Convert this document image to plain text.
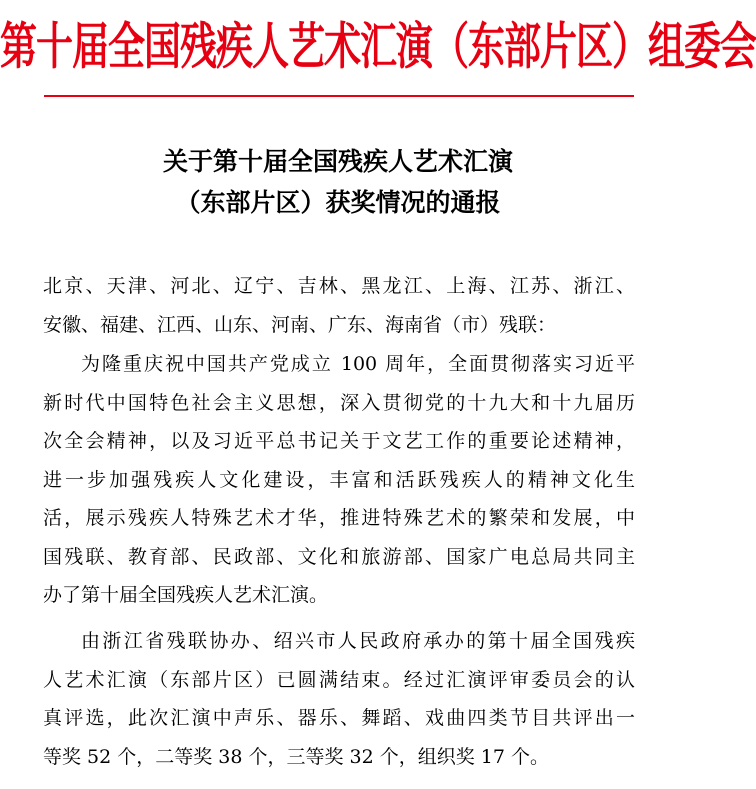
第十届全国残疾人艺术汇演（东部片区）组委会
关于第十届全国残疾人艺术汇演
（东部片区）获奖情况的通报
北京、天津、河北、辽宁、吉林、黑龙江、上海、江苏、浙江、
安徽、福建、江西、山东、河南、广东、海南省（市）残联：
为隆重庆祝中国共产党成立 100 周年，全面贯彻落实习近平
新时代中国特色社会主义思想，深入贯彻党的十九大和十九届历
次全会精神，以及习近平总书记关于文艺工作的重要论述精神，
进一步加强残疾人文化建设，丰富和活跃残疾人的精神文化生
活，展示残疾人特殊艺术才华，推进特殊艺术的繁荣和发展，中
国残联、教育部、民政部、文化和旅游部、国家广电总局共同主
办了第十届全国残疾人艺术汇演。
由浙江省残联协办、绍兴市人民政府承办的第十届全国残疾
人艺术汇演（东部片区）已圆满结束。经过汇演评审委员会的认
真评选，此次汇演中声乐、器乐、舞蹈、戏曲四类节目共评出一
等奖 52 个，二等奖 38 个，三等奖 32 个，组织奖 17 个。
